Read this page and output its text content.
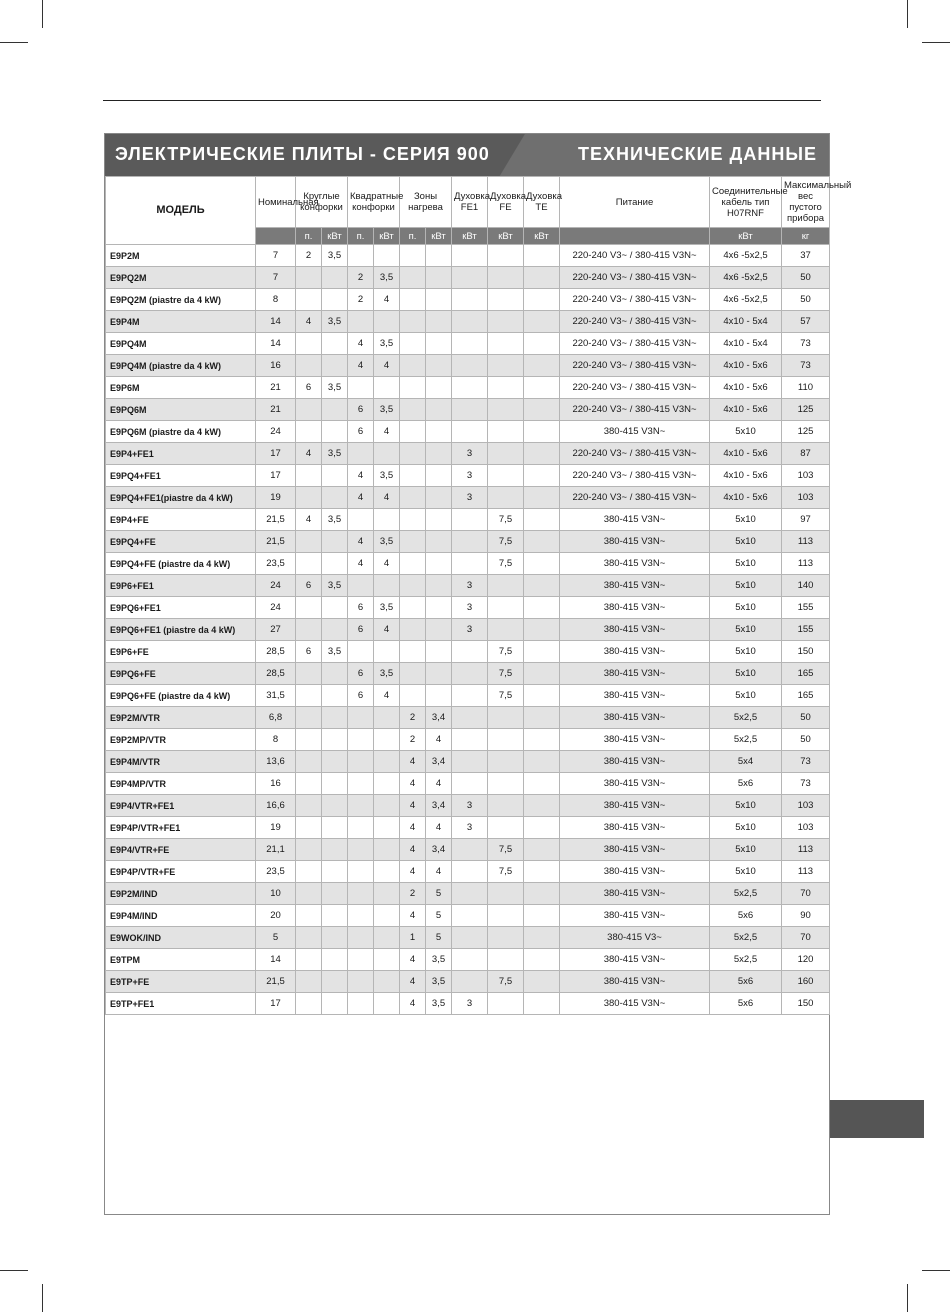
ЭЛЕКТРИЧЕСКИЕ ПЛИТЫ - СЕРИЯ 900	ТЕХНИЧЕСКИЕ ДАННЫЕ
МОДЕЛЬ	Номинальная	Круглые конфорки		Квадратные конфорки		Зоны нагрева		Духовка FE1	Духовка FE	Духовка TE	Питание	Соединительные кабель тип H07RNF	Максимальный вес пустого прибора
		п.	кВт	п.	кВт	п.	кВт	кВт	кВт	кВт		кВт	кг
E9P2M	7	2	3,5								220-240 V3~ / 380-415 V3N~	4x6 -5x2,5	37
E9PQ2M	7			2	3,5						220-240 V3~ / 380-415 V3N~	4x6 -5x2,5	50
E9PQ2M (piastre da 4 kW)	8			2	4						220-240 V3~ / 380-415 V3N~	4x6 -5x2,5	50
E9P4M	14	4	3,5								220-240 V3~ / 380-415 V3N~	4x10 - 5x4	57
E9PQ4M	14			4	3,5						220-240 V3~ / 380-415 V3N~	4x10 - 5x4	73
E9PQ4M (piastre da 4 kW)	16			4	4						220-240 V3~ / 380-415 V3N~	4x10 - 5x6	73
E9P6M	21	6	3,5								220-240 V3~ / 380-415 V3N~	4x10 - 5x6	110
E9PQ6M	21			6	3,5						220-240 V3~ / 380-415 V3N~	4x10 - 5x6	125
E9PQ6M (piastre da 4 kW)	24			6	4						380-415 V3N~	5x10	125
E9P4+FE1	17	4	3,5					3			220-240 V3~ / 380-415 V3N~	4x10 - 5x6	87
E9PQ4+FE1	17			4	3,5			3			220-240 V3~ / 380-415 V3N~	4x10 - 5x6	103
E9PQ4+FE1(piastre da 4 kW)	19			4	4			3			220-240 V3~ / 380-415 V3N~	4x10 - 5x6	103
E9P4+FE	21,5	4	3,5						7,5		380-415 V3N~	5x10	97
E9PQ4+FE	21,5			4	3,5				7,5		380-415 V3N~	5x10	113
E9PQ4+FE (piastre da 4 kW)	23,5			4	4				7,5		380-415 V3N~	5x10	113
E9P6+FE1	24	6	3,5					3			380-415 V3N~	5x10	140
E9PQ6+FE1	24			6	3,5			3			380-415 V3N~	5x10	155
E9PQ6+FE1 (piastre da 4 kW)	27			6	4			3			380-415 V3N~	5x10	155
E9P6+FE	28,5	6	3,5						7,5		380-415 V3N~	5x10	150
E9PQ6+FE	28,5			6	3,5				7,5		380-415 V3N~	5x10	165
E9PQ6+FE (piastre da 4 kW)	31,5			6	4				7,5		380-415 V3N~	5x10	165
E9P2M/VTR	6,8					2	3,4				380-415 V3N~	5x2,5	50
E9P2MP/VTR	8					2	4				380-415 V3N~	5x2,5	50
E9P4M/VTR	13,6					4	3,4				380-415 V3N~	5x4	73
E9P4MP/VTR	16					4	4				380-415 V3N~	5x6	73
E9P4/VTR+FE1	16,6					4	3,4	3			380-415 V3N~	5x10	103
E9P4P/VTR+FE1	19					4	4	3			380-415 V3N~	5x10	103
E9P4/VTR+FE	21,1					4	3,4		7,5		380-415 V3N~	5x10	113
E9P4P/VTR+FE	23,5					4	4		7,5		380-415 V3N~	5x10	113
E9P2M/IND	10					2	5				380-415 V3N~	5x2,5	70
E9P4M/IND	20					4	5				380-415 V3N~	5x6	90
E9WOK/IND	5					1	5				380-415 V3~	5x2,5	70
E9TPM	14					4	3,5				380-415 V3N~	5x2,5	120
E9TP+FE	21,5					4	3,5		7,5		380-415 V3N~	5x6	160
E9TP+FE1	17					4	3,5	3			380-415 V3N~	5x6	150
